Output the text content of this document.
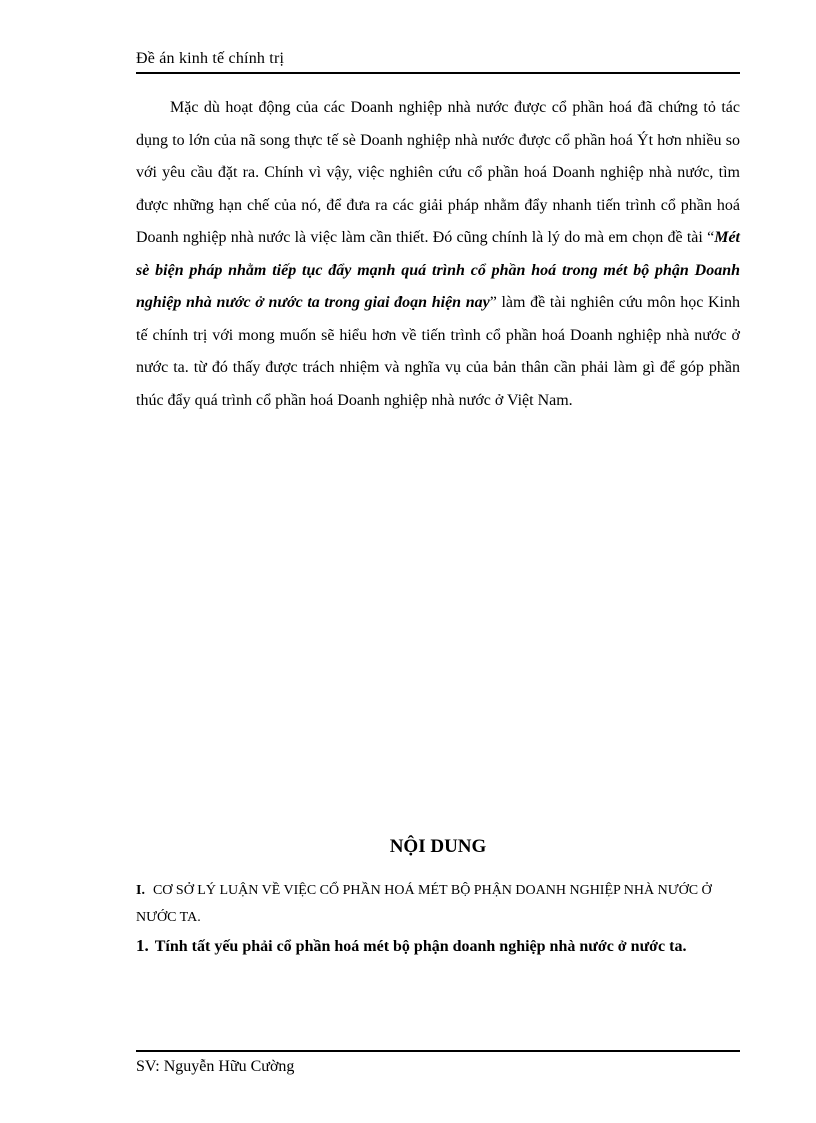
Đề án kinh tế chính trị

Mặc dù hoạt động của các Doanh nghiệp nhà nước được cổ phần hoá đã chứng tỏ tác dụng to lớn của nã song thực tế sè Doanh nghiệp nhà nước được cổ phần hoá Ýt hơn nhiều so với yêu cầu đặt ra. Chính vì vậy, việc nghiên cứu cổ phần hoá Doanh nghiệp nhà nước, tìm được những hạn chế của nó, để đưa ra các giải pháp nhằm đẩy nhanh tiến trình cổ phần hoá Doanh nghiệp nhà nước là việc làm cần thiết. Đó cũng chính là lý do mà em chọn đề tài “Mét sè biện pháp nhằm tiếp tục đẩy mạnh quá trình cổ phần hoá trong mét bộ phận Doanh nghiệp nhà nước ở nước ta trong giai đoạn hiện nay” làm đề tài nghiên cứu môn học Kinh tế chính trị với mong muốn sẽ hiểu hơn về tiến trình cổ phần hoá Doanh nghiệp nhà nước ở nước ta. từ đó thấy được trách nhiệm và nghĩa vụ của bản thân cần phải làm gì để góp phần thúc đẩy quá trình cổ phần hoá Doanh nghiệp nhà nước ở Việt Nam.

NỘI DUNG

I. CƠ SỞ LÝ LUẬN VỀ VIỆC CỔ PHẦN HOÁ MÉT BỘ PHẬN DOANH NGHIỆP NHÀ NƯỚC Ở NƯỚC TA.

1. Tính tất yếu phải cổ phần hoá mét bộ phận doanh nghiệp nhà nước ở nước ta.

SV: Nguyễn Hữu Cường
